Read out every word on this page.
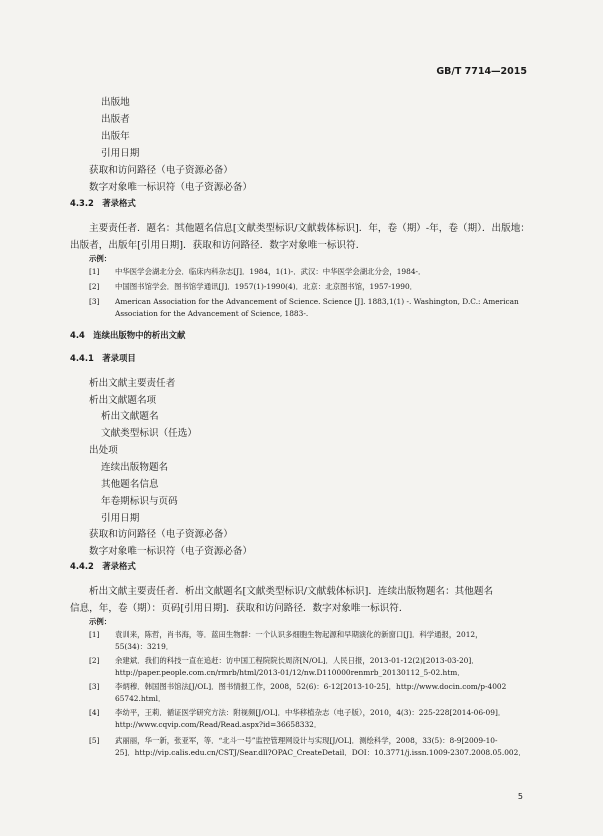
GB/T 7714—2015
出版地
出版者
出版年
引用日期
获取和访问路径（电子资源必备）
数字对象唯一标识符（电子资源必备）
4.3.2　著录格式
主要责任者．题名：其他题名信息[文献类型标识/文献载体标识]．年，卷（期）-年，卷（期）．出版地：
出版者，出版年[引用日期]．获取和访问路径．数字对象唯一标识符．
示例：
[1] 中华医学会湖北分会．临床内科杂志[J]．1984，1(1)-．武汉：中华医学会湖北分会，1984-．
[2] 中国图书馆学会．图书馆学通讯[J]．1957(1)-1990(4)．北京：北京图书馆，1957-1990．
[3] American Association for the Advancement of Science. Science [J]. 1883,1(1) -. Washington, D.C.: American
Association for the Advancement of Science, 1883-.
4.4　连续出版物中的析出文献
4.4.1　著录项目
析出文献主要责任者
析出文献题名项
析出文献题名
文献类型标识（任选）
出处项
连续出版物题名
其他题名信息
年卷期标识与页码
引用日期
获取和访问路径（电子资源必备）
数字对象唯一标识符（电子资源必备）
4.4.2　著录格式
析出文献主要责任者．析出文献题名[文献类型标识/文献载体标识]．连续出版物题名：其他题名
信息，年，卷（期）：页码[引用日期]．获取和访问路径．数字对象唯一标识符．
示例：
[1] 袁训来，陈哲，肖书海，等．蓝田生物群：一个认识多细胞生物起源和早期演化的新窗口[J]．科学通报，2012，
55(34)：3219．
[2] 余建斌．我们的科技一直在追赶：访中国工程院院长周济[N/OL]．人民日报，2013-01-12(2)[2013-03-20]．
http://paper.people.com.cn/rmrb/html/2013-01/12/nw.D110000renmrb_20130112_5-02.htm．
[3] 李炳穆．韩国图书馆法[J/OL]．图书情报工作，2008，52(6)：6-12[2013-10-25]．http://www.docin.com/p-4002
65742.html．
[4] 李幼平，王莉．循证医学研究方法：附视频[J/OL]．中华移植杂志（电子版），2010，4(3)：225-228[2014-06-09]．
http://www.cqvip.com/Read/Read.aspx?id=36658332．
[5] 武丽丽，华一新，张亚军，等．“北斗一号”监控管理网设计与实现[J/OL]．测绘科学，2008，33(5)：8-9[2009-10-
25]．http://vip.calis.edu.cn/CSTJ/Sear.dll?OPAC_CreateDetail．DOI：10.3771/j.issn.1009-2307.2008.05.002．
5
